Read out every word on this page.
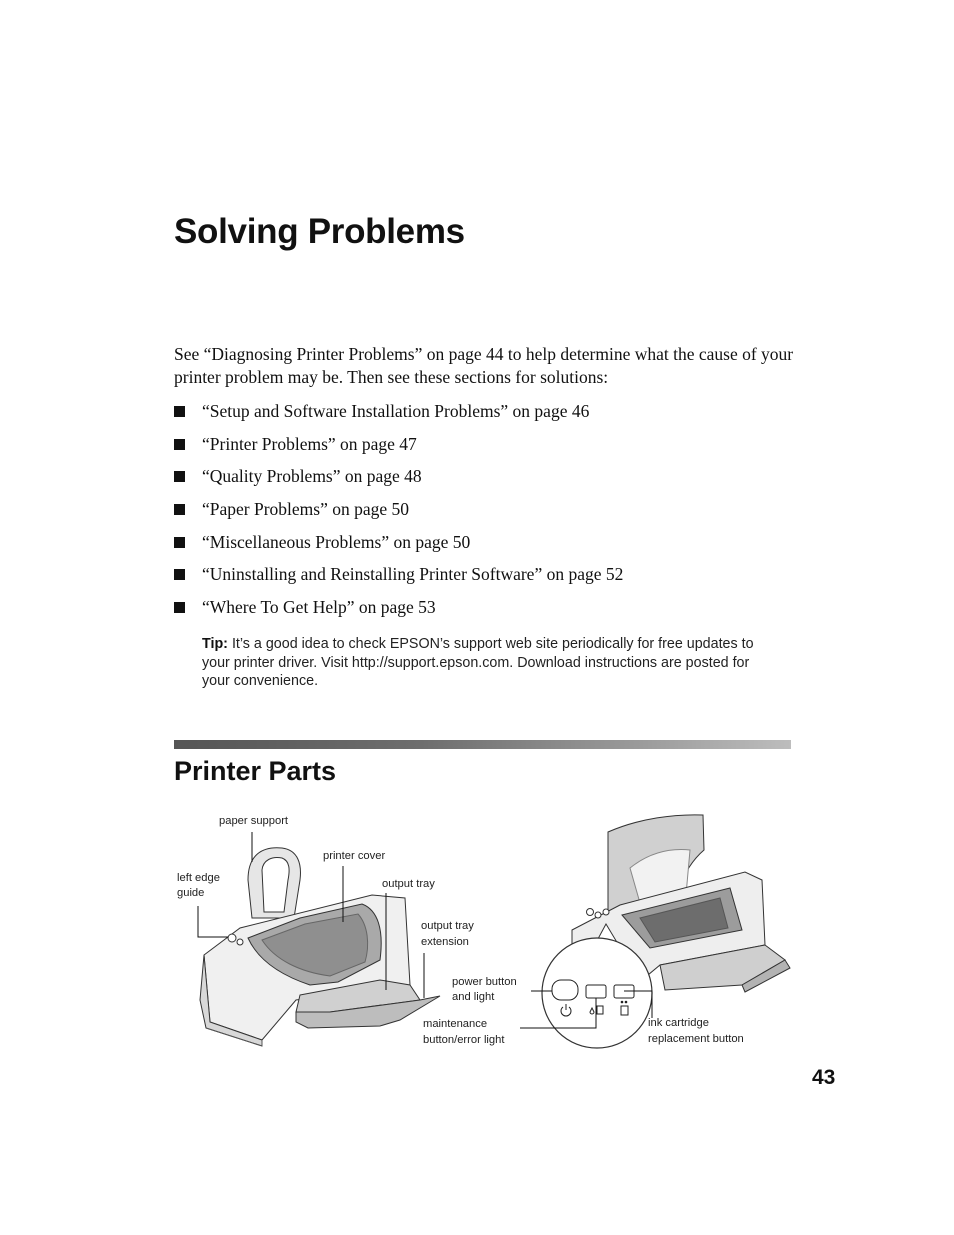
Solving Problems

See “Diagnosing Printer Problems” on page 44 to help determine what the cause of your printer problem may be. Then see these sections for solutions:

“Setup and Software Installation Problems” on page 46
“Printer Problems” on page 47
“Quality Problems” on page 48
“Paper Problems” on page 50
“Miscellaneous Problems” on page 50
“Uninstalling and Reinstalling Printer Software” on page 52
“Where To Get Help” on page 53

Tip: It’s a good idea to check EPSON’s support web site periodically for free updates to your printer driver. Visit http://support.epson.com. Download instructions are posted for your convenience.

Printer Parts
paper support
printer cover
left edge
guide
output tray
output tray
extension
power button
and light
maintenance
button/error light
ink cartridge
replacement button
43
